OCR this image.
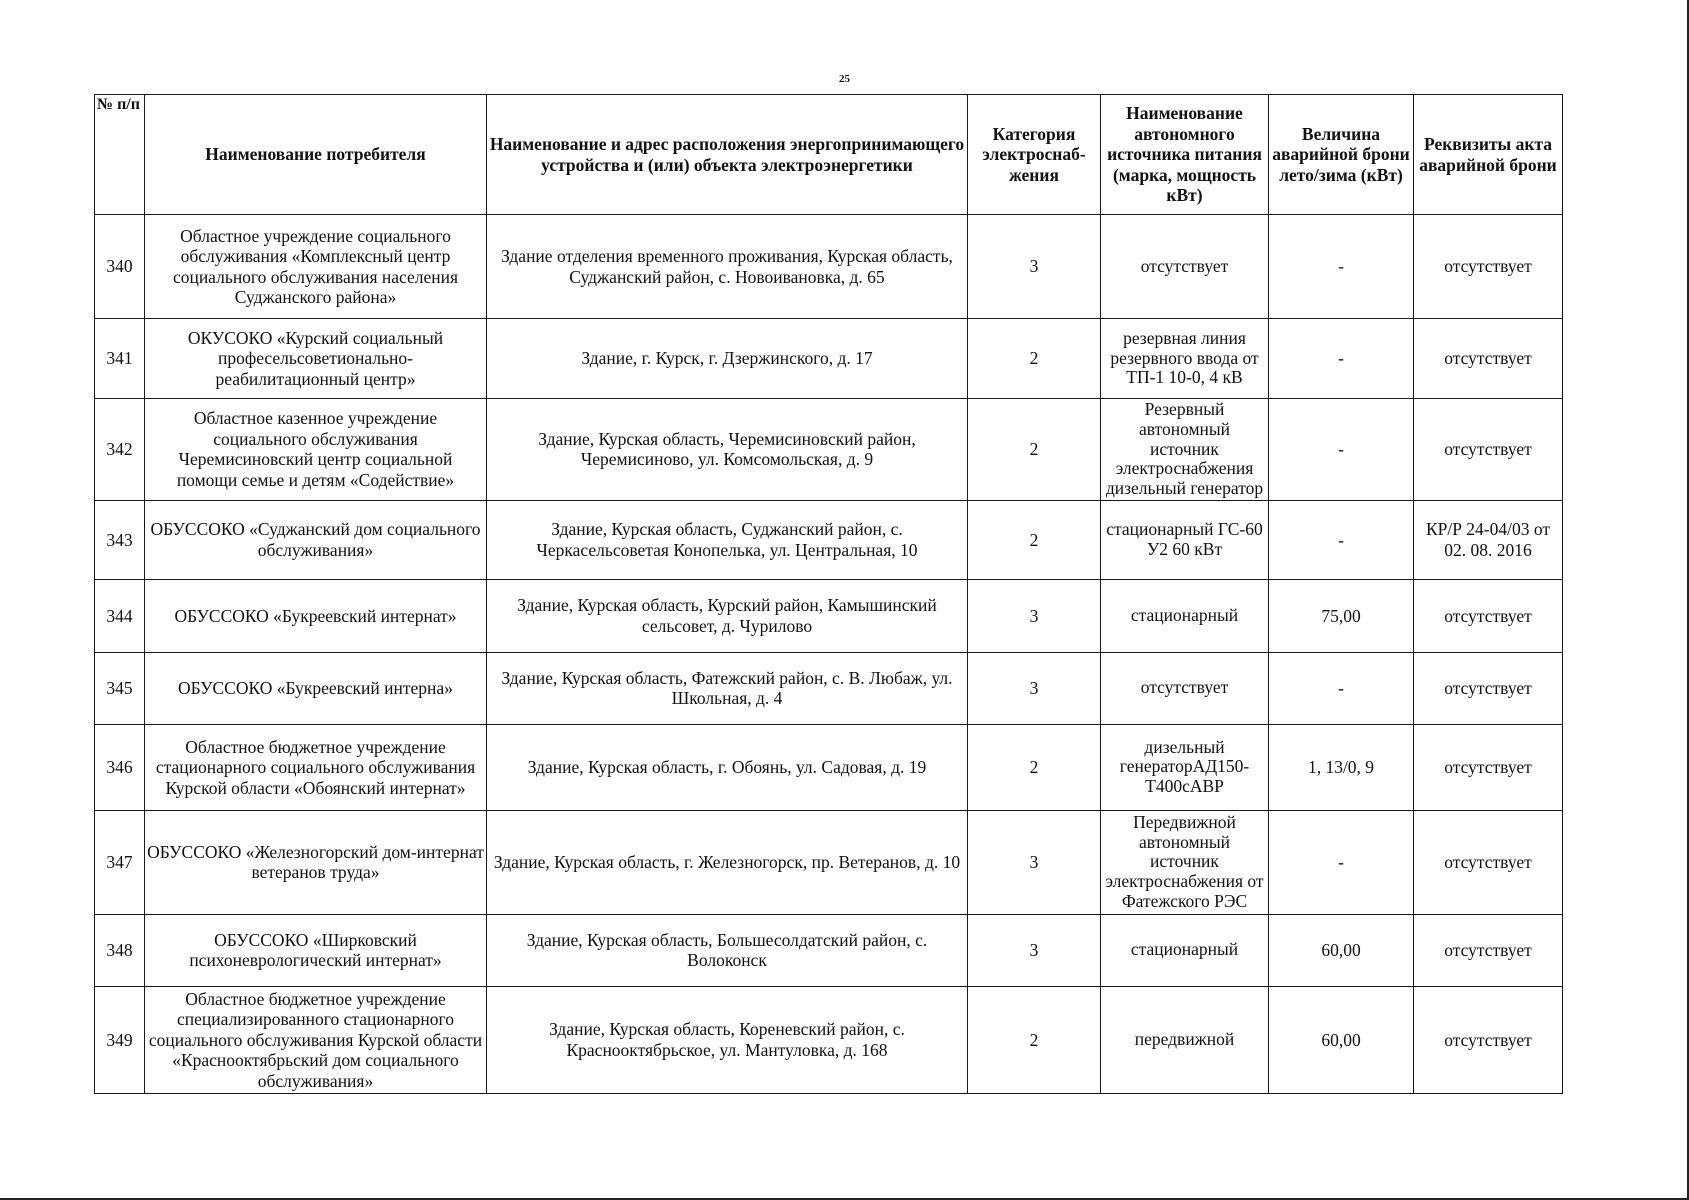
25
№ п/п	Наименование потребителя	Наименование и адрес расположения энергопринимающего устройства и (или) объекта электроэнергетики	Категория электроснаб-жения	Наименование автономного источника питания (марка, мощность кВт)	Величина аварийной брони лето/зима (кВт)	Реквизиты акта аварийной брони
340	Областное учреждение социального обслуживания «Комплексный центр социального обслуживания населения Суджанского района»	Здание отделения временного проживания, Курская область, Суджанский район, с. Новоивановка, д. 65	3	отсутствует	-	отсутствует
341	ОКУСОКО «Курский социальный професельсоветионально-реабилитационный центр»	Здание, г. Курск, г. Дзержинского, д. 17	2	резервная линия резервного ввода от ТП-1 10-0, 4 кВ	-	отсутствует
342	Областное казенное учреждение социального обслуживания Черемисиновский центр социальной помощи семье и детям «Содействие»	Здание, Курская область, Черемисиновский район, Черемисиново, ул. Комсомольская, д. 9	2	Резервный автономный источник электроснабжения дизельный генератор	-	отсутствует
343	ОБУССОКО «Суджанский дом социального обслуживания»	Здание, Курская область, Суджанский район, с. Черкасельсоветая Конопелька, ул. Центральная, 10	2	стационарный ГС-60 У2 60 кВт	-	КР/Р 24-04/03 от 02. 08. 2016
344	ОБУССОКО «Букреевский интернат»	Здание, Курская область, Курский район, Камышинский сельсовет, д. Чурилово	3	стационарный	75,00	отсутствует
345	ОБУССОКО «Букреевский интерна»	Здание, Курская область, Фатежский район, с. В. Любаж, ул. Школьная, д. 4	3	отсутствует	-	отсутствует
346	Областное бюджетное учреждение стационарного социального обслуживания Курской области «Обоянский интернат»	Здание, Курская область, г. Обоянь, ул. Садовая, д. 19	2	дизельный генераторАД150-Т400сАВР	1, 13/0, 9	отсутствует
347	ОБУССОКО «Железногорский дом-интернат ветеранов труда»	Здание, Курская область, г. Железногорск, пр. Ветеранов, д. 10	3	Передвижной автономный источник электроснабжения от Фатежского РЭС	-	отсутствует
348	ОБУССОКО «Ширковский психоневрологический интернат»	Здание, Курская область, Большесолдатский район, с. Волоконск	3	стационарный	60,00	отсутствует
349	Областное бюджетное учреждение специализированного стационарного социального обслуживания Курской области «Краснооктябрьский дом социального обслуживания»	Здание, Курская область, Кореневский район, с. Краснооктябрьское, ул. Мантуловка, д. 168	2	передвижной	60,00	отсутствует
